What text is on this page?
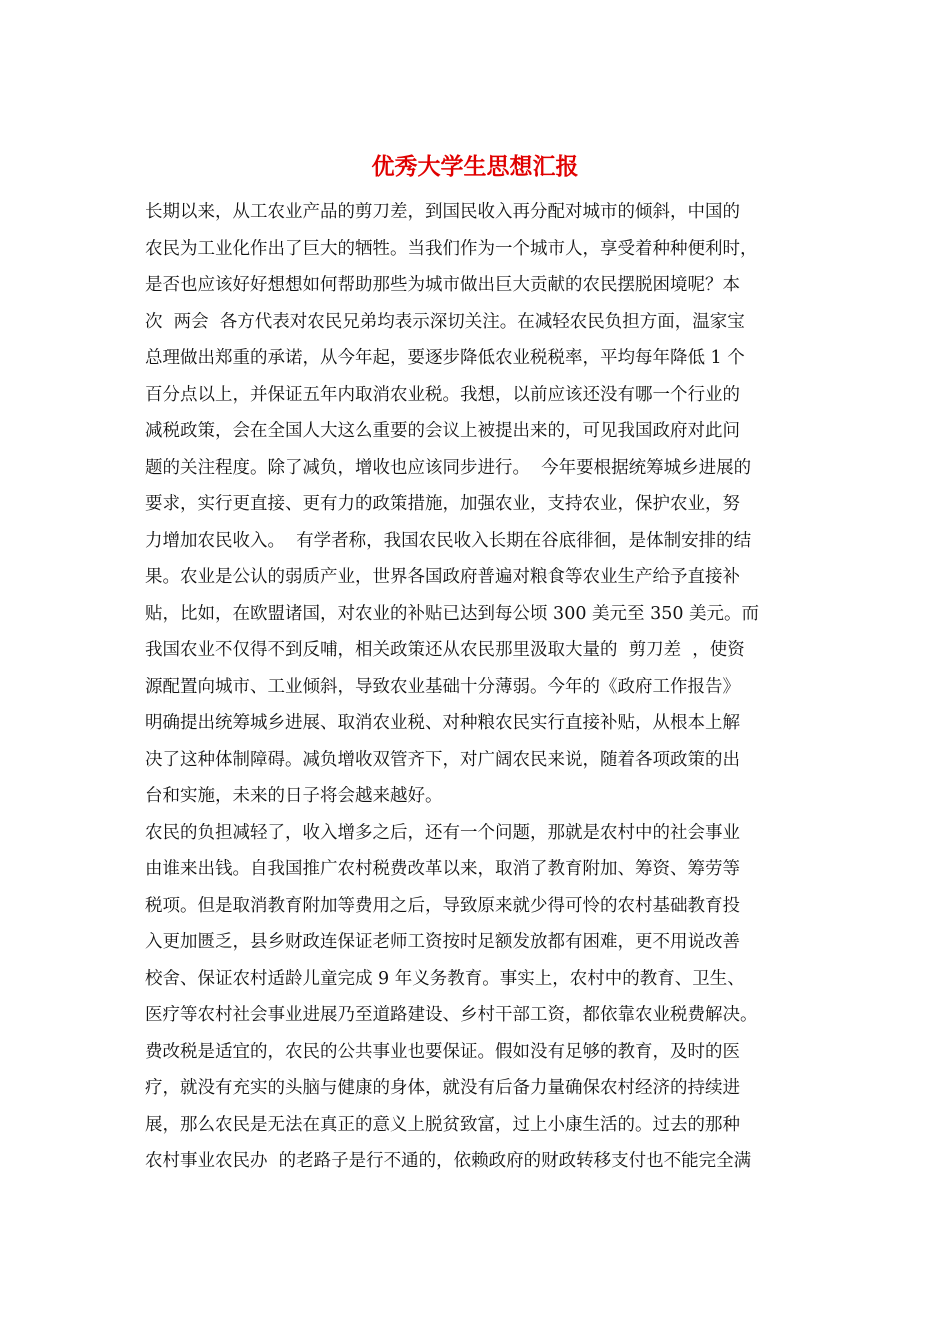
优秀大学生思想汇报
长期以来，从工农业产品的剪刀差，到国民收入再分配对城市的倾斜，中国的
农民为工业化作出了巨大的牺牲。当我们作为一个城市人，享受着种种便利时，
是否也应该好好想想如何帮助那些为城市做出巨大贡献的农民摆脱困境呢？本
次  两会  各方代表对农民兄弟均表示深切关注。在减轻农民负担方面，温家宝
总理做出郑重的承诺，从今年起，要逐步降低农业税税率，平均每年降低 1 个
百分点以上，并保证五年内取消农业税。我想，以前应该还没有哪一个行业的
减税政策，会在全国人大这么重要的会议上被提出来的，可见我国政府对此问
题的关注程度。除了减负，增收也应该同步进行。  今年要根据统筹城乡进展的
要求，实行更直接、更有力的政策措施，加强农业，支持农业，保护农业，努
力增加农民收入。  有学者称，我国农民收入长期在谷底徘徊，是体制安排的结
果。农业是公认的弱质产业，世界各国政府普遍对粮食等农业生产给予直接补
贴，比如，在欧盟诸国，对农业的补贴已达到每公顷 300 美元至 350 美元。而
我国农业不仅得不到反哺，相关政策还从农民那里汲取大量的  剪刀差  ，使资
源配置向城市、工业倾斜，导致农业基础十分薄弱。今年的《政府工作报告》
明确提出统筹城乡进展、取消农业税、对种粮农民实行直接补贴，从根本上解
决了这种体制障碍。减负增收双管齐下，对广阔农民来说，随着各项政策的出
台和实施，未来的日子将会越来越好。
农民的负担减轻了，收入增多之后，还有一个问题，那就是农村中的社会事业
由谁来出钱。自我国推广农村税费改革以来，取消了教育附加、筹资、筹劳等
税项。但是取消教育附加等费用之后，导致原来就少得可怜的农村基础教育投
入更加匮乏，县乡财政连保证老师工资按时足额发放都有困难，更不用说改善
校舍、保证农村适龄儿童完成 9 年义务教育。事实上，农村中的教育、卫生、
医疗等农村社会事业进展乃至道路建设、乡村干部工资，都依靠农业税费解决。
费改税是适宜的，农民的公共事业也要保证。假如没有足够的教育，及时的医
疗，就没有充实的头脑与健康的身体，就没有后备力量确保农村经济的持续进
展，那么农民是无法在真正的意义上脱贫致富，过上小康生活的。过去的那种
农村事业农民办  的老路子是行不通的，依赖政府的财政转移支付也不能完全满
